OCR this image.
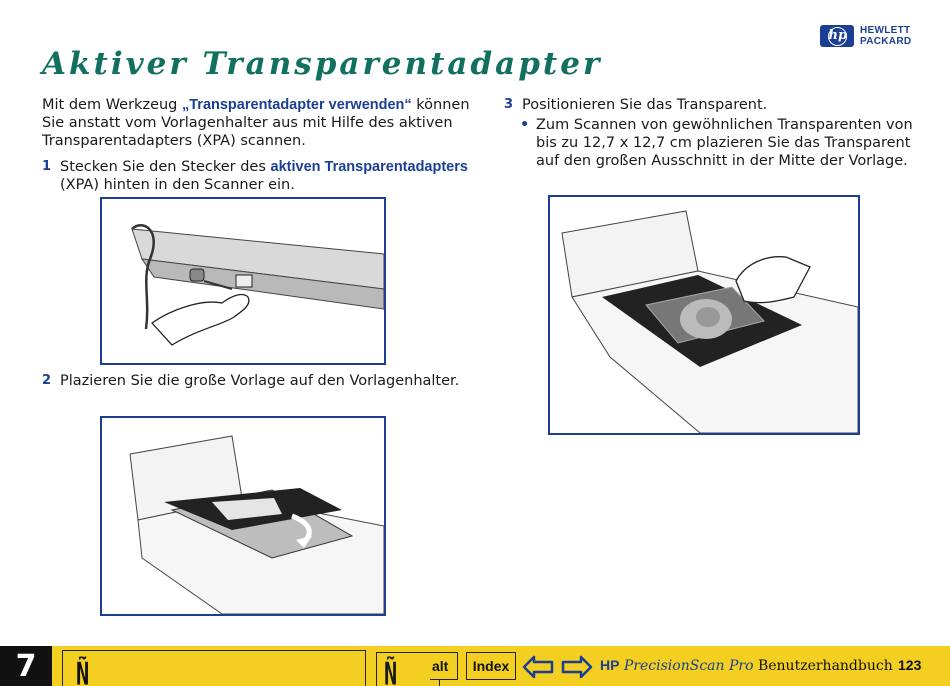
hp HEWLETT
PACKARD
Aktiver Transparentadapter

Mit dem Werkzeug „Transparentadapter verwenden“ können Sie anstatt vom Vorlagenhalter aus mit Hilfe des aktiven Transparentadapters (XPA) scannen.

1 Stecken Sie den Stecker des aktiven Transparentadapters (XPA) hinten in den Scanner ein.
2 Plazieren Sie die große Vorlage auf den Vorlagenhalter.
3 Positionieren Sie das Transparent.
• Zum Scannen von gewöhnlichen Transparenten von bis zu 12,7 x 12,7 cm plazieren Sie das Transparent auf den großen Ausschnitt in der Mitte der Vorlage.
7	Ñ	Ñ alt	Index	HP PrecisionScan Pro Benutzerhandbuch 123
